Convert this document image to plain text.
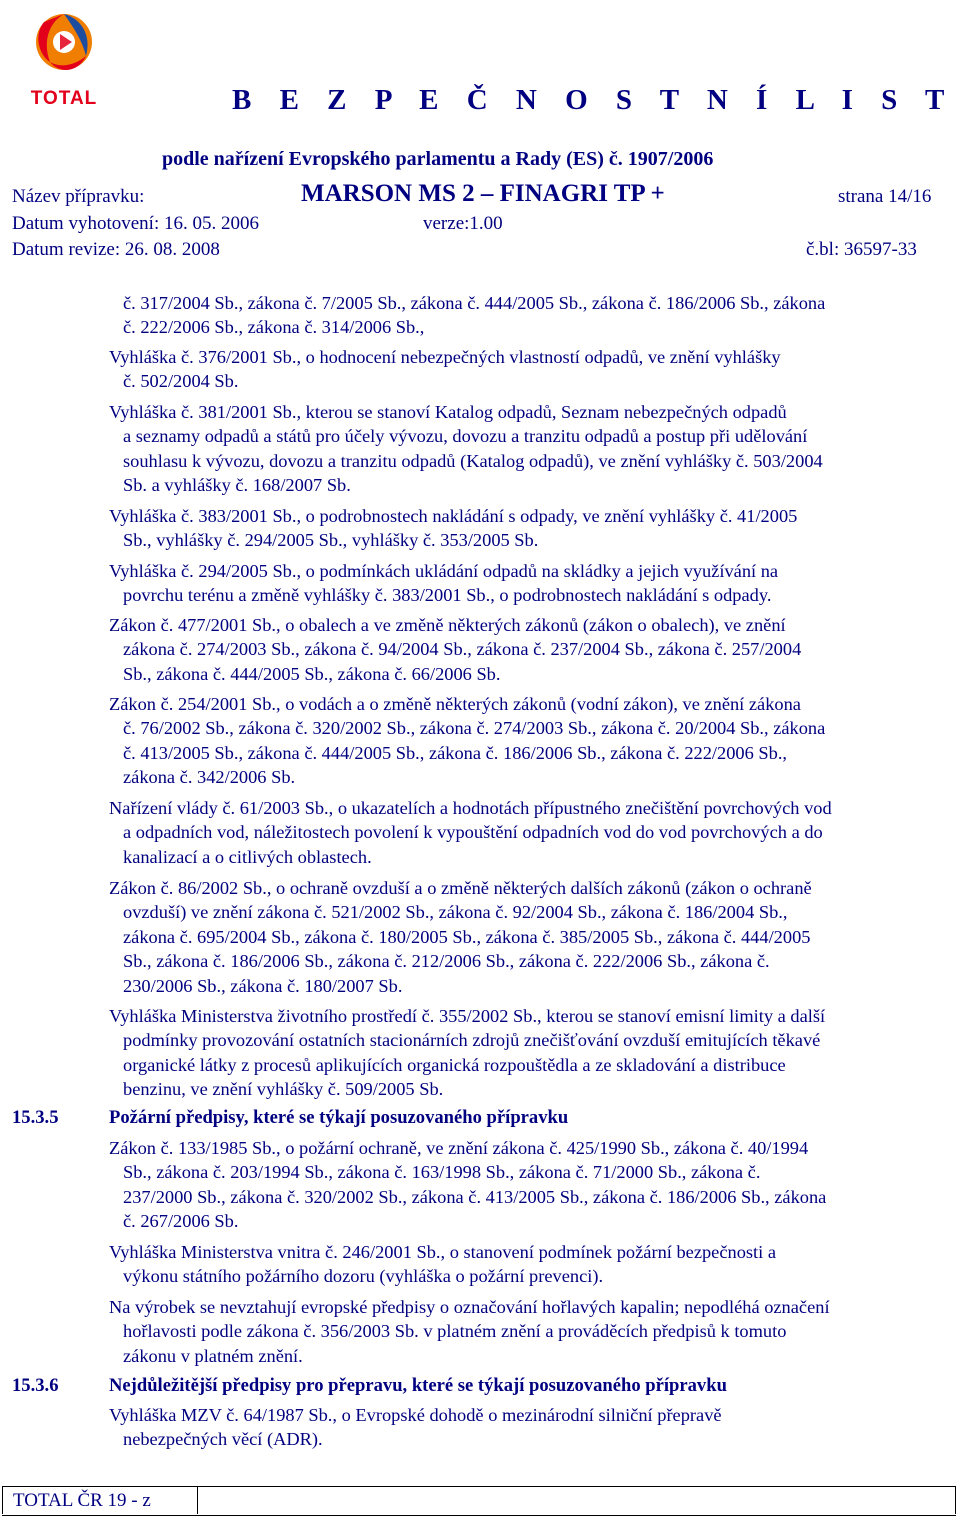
TOTAL	B E Z P E Č N O S T N Í L I S T
podle nařízení Evropského parlamentu a Rady (ES) č. 1907/2006
Název přípravku:	MARSON MS 2 – FINAGRI TP +	strana 14/16
Datum vyhotovení: 16. 05. 2006	verze:1.00
Datum revize: 26. 08. 2008	č.bl: 36597-33
č. 317/2004 Sb., zákona č. 7/2005 Sb., zákona č. 444/2005 Sb., zákona č. 186/2006 Sb., zákona
č. 222/2006 Sb., zákona č. 314/2006 Sb.,
Vyhláška č. 376/2001 Sb., o hodnocení nebezpečných vlastností odpadů, ve znění vyhlášky
č. 502/2004 Sb.
Vyhláška č. 381/2001 Sb., kterou se stanoví Katalog odpadů, Seznam nebezpečných odpadů
a seznamy odpadů a států pro účely vývozu, dovozu a tranzitu odpadů a postup při udělování
souhlasu k vývozu, dovozu a tranzitu odpadů (Katalog odpadů), ve znění vyhlášky č. 503/2004
Sb. a vyhlášky č. 168/2007 Sb.
Vyhláška č. 383/2001 Sb., o podrobnostech nakládání s odpady, ve znění vyhlášky č. 41/2005
Sb., vyhlášky č. 294/2005 Sb., vyhlášky č. 353/2005 Sb.
Vyhláška č. 294/2005 Sb., o podmínkách ukládání odpadů na skládky a jejich využívání na
povrchu terénu a změně vyhlášky č. 383/2001 Sb., o podrobnostech nakládání s odpady.
Zákon č. 477/2001 Sb., o obalech a ve změně některých zákonů (zákon o obalech), ve znění
zákona č. 274/2003 Sb., zákona č. 94/2004 Sb., zákona č. 237/2004 Sb., zákona č. 257/2004
Sb., zákona č. 444/2005 Sb., zákona č. 66/2006 Sb.
Zákon č. 254/2001 Sb., o vodách a o změně některých zákonů (vodní zákon), ve znění zákona
č. 76/2002 Sb., zákona č. 320/2002 Sb., zákona č. 274/2003 Sb., zákona č. 20/2004 Sb., zákona
č. 413/2005 Sb., zákona č. 444/2005 Sb., zákona č. 186/2006 Sb., zákona č. 222/2006 Sb.,
zákona č. 342/2006 Sb.
Nařízení vlády č. 61/2003 Sb., o ukazatelích a hodnotách přípustného znečištění povrchových vod
a odpadních vod, náležitostech povolení k vypouštění odpadních vod do vod povrchových a do
kanalizací a o citlivých oblastech.
Zákon č. 86/2002 Sb., o ochraně ovzduší a o změně některých dalších zákonů (zákon o ochraně
ovzduší) ve znění zákona č. 521/2002 Sb., zákona č. 92/2004 Sb., zákona č. 186/2004 Sb.,
zákona č. 695/2004 Sb., zákona č. 180/2005 Sb., zákona č. 385/2005 Sb., zákona č. 444/2005
Sb., zákona č. 186/2006 Sb., zákona č. 212/2006 Sb., zákona č. 222/2006 Sb., zákona č.
230/2006 Sb., zákona č. 180/2007 Sb.
Vyhláška Ministerstva životního prostředí č. 355/2002 Sb., kterou se stanoví emisní limity a další
podmínky provozování ostatních stacionárních zdrojů znečišťování ovzduší emitujících těkavé
organické látky z procesů aplikujících organická rozpouštědla a ze skladování a distribuce
benzinu, ve znění vyhlášky č. 509/2005 Sb.
15.3.5	Požární předpisy, které se týkají posuzovaného přípravku
Zákon č. 133/1985 Sb., o požární ochraně, ve znění zákona č. 425/1990 Sb., zákona č. 40/1994
Sb., zákona č. 203/1994 Sb., zákona č. 163/1998 Sb., zákona č. 71/2000 Sb., zákona č.
237/2000 Sb., zákona č. 320/2002 Sb., zákona č. 413/2005 Sb., zákona č. 186/2006 Sb., zákona
č. 267/2006 Sb.
Vyhláška Ministerstva vnitra č. 246/2001 Sb., o stanovení podmínek požární bezpečnosti a
výkonu státního požárního dozoru (vyhláška o požární prevenci).
Na výrobek se nevztahují evropské předpisy o označování hořlavých kapalin; nepodléhá označení
hořlavosti podle zákona č. 356/2003 Sb. v platném znění a prováděcích předpisů k tomuto
zákonu v platném znění.
15.3.6	Nejdůležitější předpisy pro přepravu, které se týkají posuzovaného přípravku
Vyhláška MZV č. 64/1987 Sb., o Evropské dohodě o mezinárodní silniční přepravě
nebezpečných věcí (ADR).
TOTAL ČR 19 - z
